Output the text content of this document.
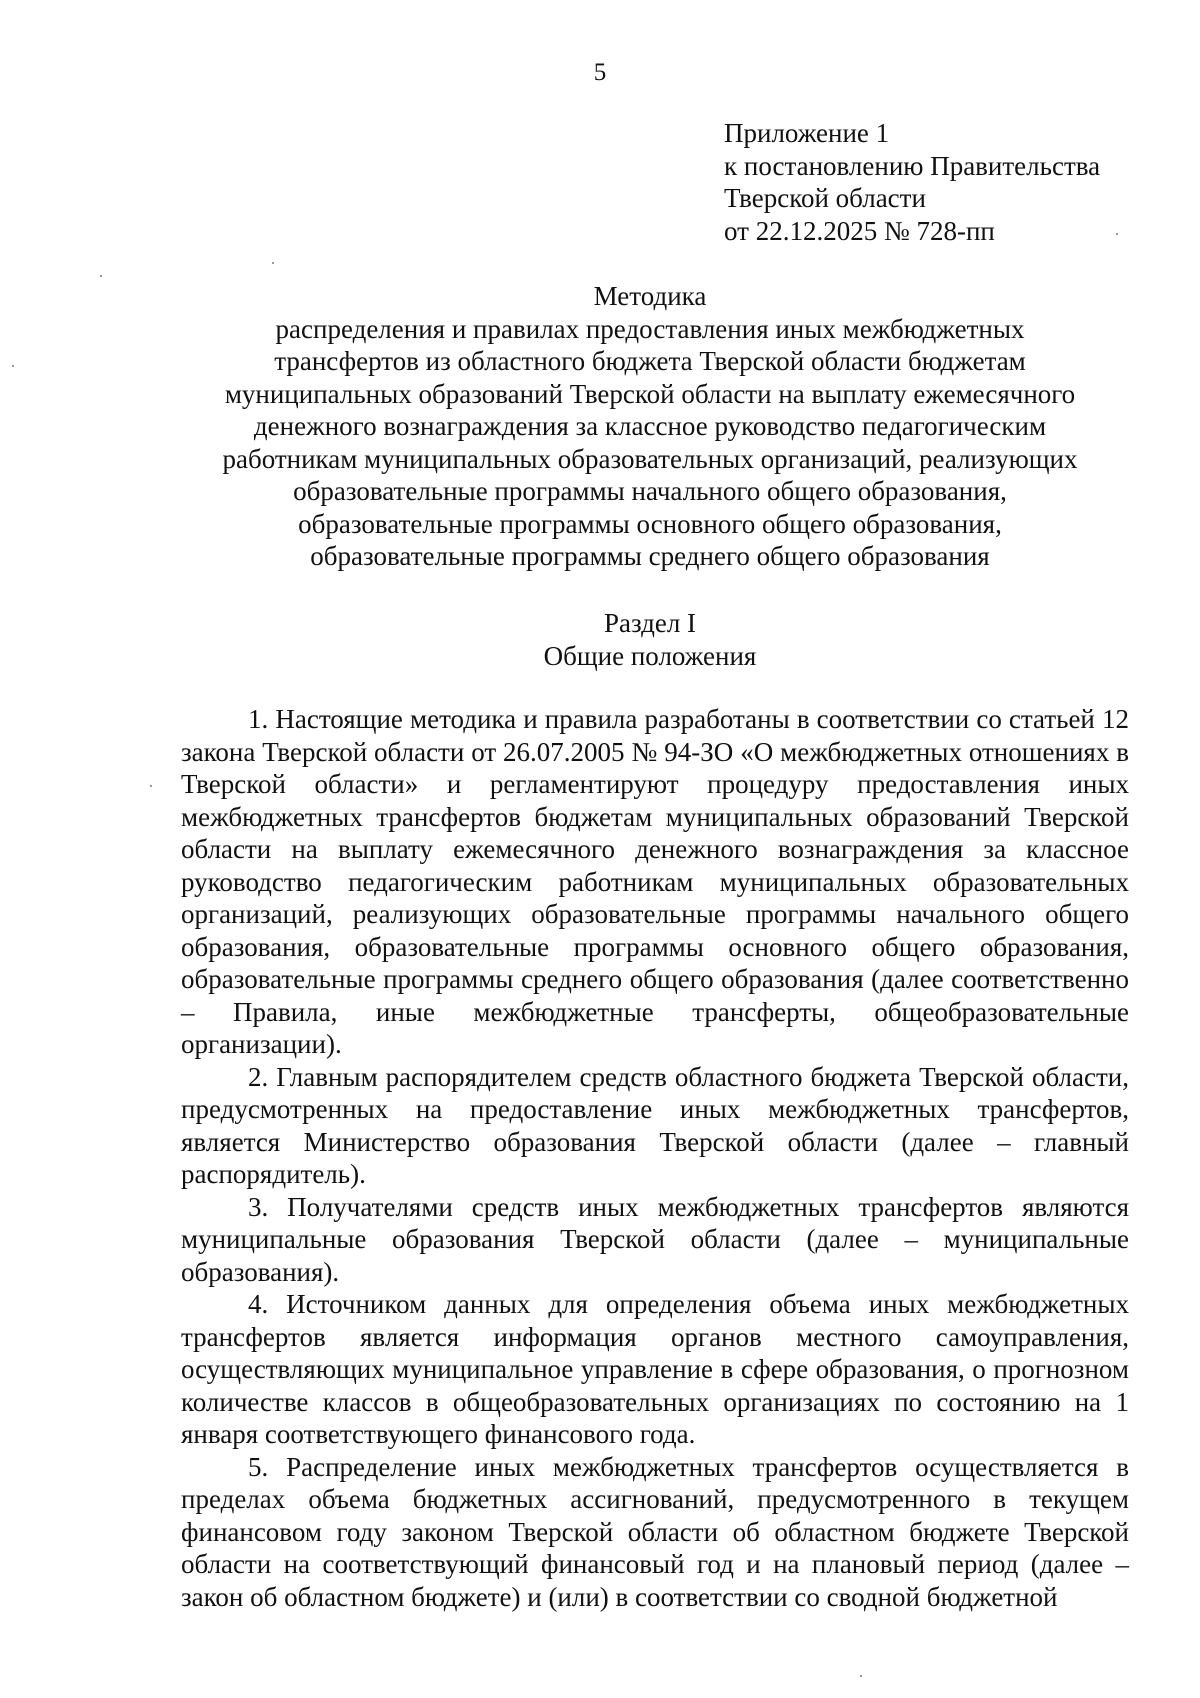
5
Приложение 1
к постановлению Правительства
Тверской области
от 22.12.2025 № 728-пп
Методика
распределения и правилах предоставления иных межбюджетных
трансфертов из областного бюджета Тверской области бюджетам
муниципальных образований Тверской области на выплату ежемесячного
денежного вознаграждения за классное руководство педагогическим
работникам муниципальных образовательных организаций, реализующих
образовательные программы начального общего образования,
образовательные программы основного общего образования,
образовательные программы среднего общего образования
Раздел I
Общие положения

1. Настоящие методика и правила разработаны в соответствии со статьей 12 закона Тверской области от 26.07.2005 № 94-ЗО «О межбюджетных отношениях в Тверской области» и регламентируют процедуру предоставления иных межбюджетных трансфертов бюджетам муниципальных образований Тверской области на выплату ежемесячного денежного вознаграждения за классное руководство педагогическим работникам муниципальных образовательных организаций, реализующих образовательные программы начального общего образования, образовательные программы основного общего образования, образовательные программы среднего общего образования (далее соответственно – Правила, иные межбюджетные трансферты, общеобразовательные организации).

2. Главным распорядителем средств областного бюджета Тверской области, предусмотренных на предоставление иных межбюджетных трансфертов, является Министерство образования Тверской области (далее – главный распорядитель).

3. Получателями средств иных межбюджетных трансфертов являются муниципальные образования Тверской области (далее – муниципальные образования).

4. Источником данных для определения объема иных межбюджетных трансфертов является информация органов местного самоуправления, осуществляющих муниципальное управление в сфере образования, о прогнозном количестве классов в общеобразовательных организациях по состоянию на 1 января соответствующего финансового года.

5. Распределение иных межбюджетных трансфертов осуществляется в пределах объема бюджетных ассигнований, предусмотренного в текущем финансовом году законом Тверской области об областном бюджете Тверской области на соответствующий финансовый год и на плановый период (далее – закон об областном бюджете) и (или) в соответствии со сводной бюджетной
